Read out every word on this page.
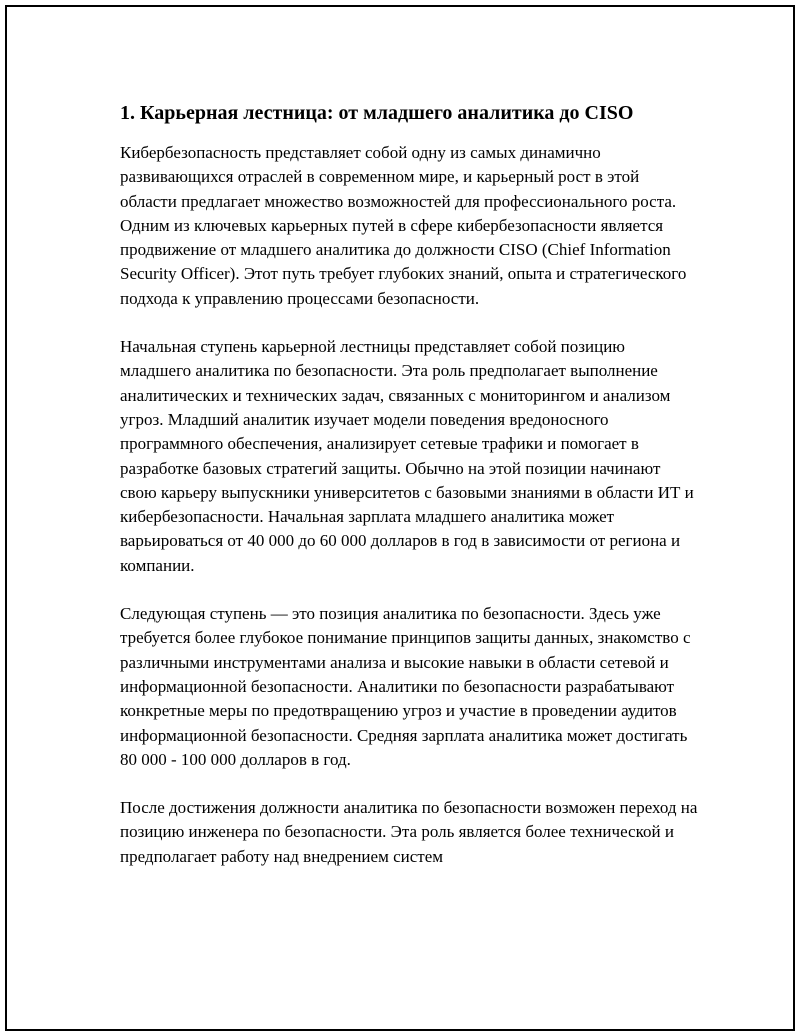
1. Карьерная лестница: от младшего аналитика до CISO

Кибербезопасность представляет собой одну из самых динамично развивающихся отраслей в современном мире, и карьерный рост в этой области предлагает множество возможностей для профессионального роста. Одним из ключевых карьерных путей в сфере кибербезопасности является продвижение от младшего аналитика до должности CISO (Chief Information Security Officer). Этот путь требует глубоких знаний, опыта и стратегического подхода к управлению процессами безопасности.

Начальная ступень карьерной лестницы представляет собой позицию младшего аналитика по безопасности. Эта роль предполагает выполнение аналитических и технических задач, связанных с мониторингом и анализом угроз. Младший аналитик изучает модели поведения вредоносного программного обеспечения, анализирует сетевые трафики и помогает в разработке базовых стратегий защиты. Обычно на этой позиции начинают свою карьеру выпускники университетов с базовыми знаниями в области ИТ и кибербезопасности. Начальная зарплата младшего аналитика может варьироваться от 40 000 до 60 000 долларов в год в зависимости от региона и компании.

Следующая ступень — это позиция аналитика по безопасности. Здесь уже требуется более глубокое понимание принципов защиты данных, знакомство с различными инструментами анализа и высокие навыки в области сетевой и информационной безопасности. Аналитики по безопасности разрабатывают конкретные меры по предотвращению угроз и участие в проведении аудитов информационной безопасности. Средняя зарплата аналитика может достигать 80 000 - 100 000 долларов в год.

После достижения должности аналитика по безопасности возможен переход на позицию инженера по безопасности. Эта роль является более технической и предполагает работу над внедрением систем
